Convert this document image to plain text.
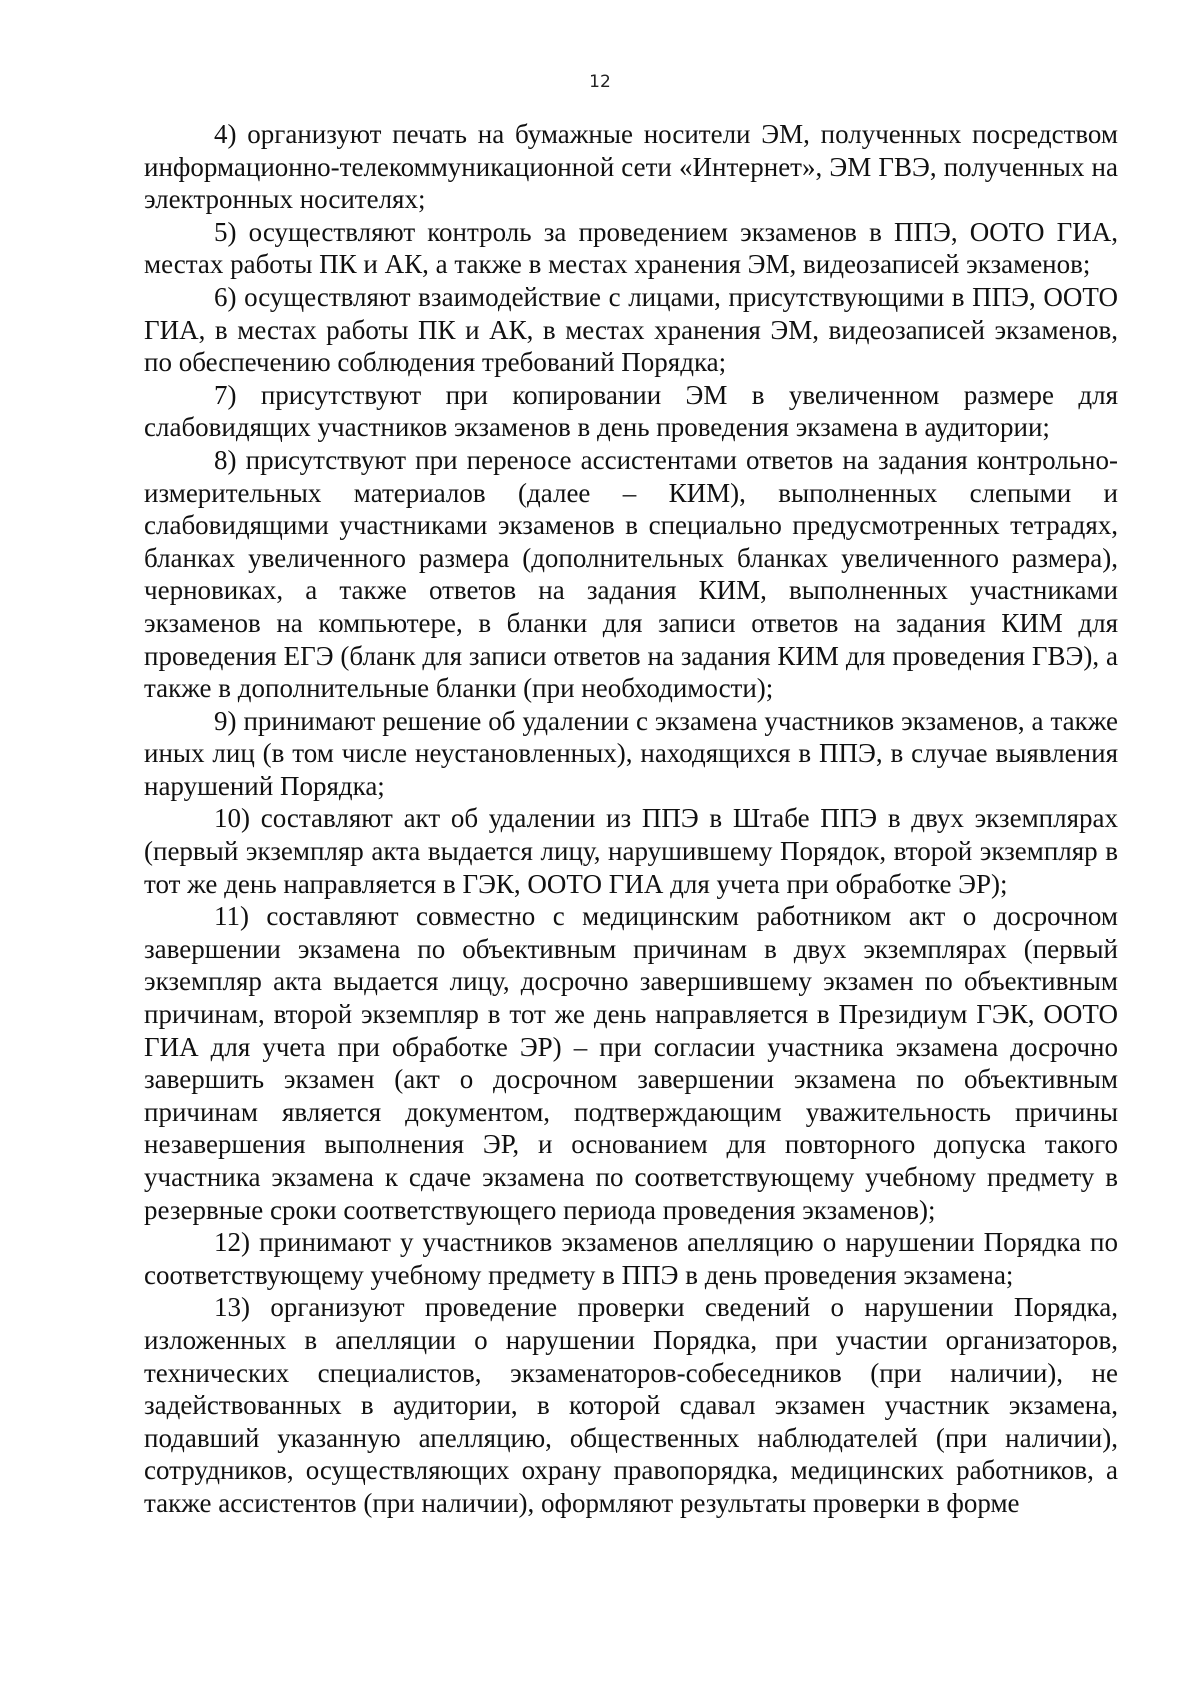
12

4) организуют печать на бумажные носители ЭМ, полученных посредством информационно-телекоммуникационной сети «Интернет», ЭМ ГВЭ, полученных на электронных носителях;

5) осуществляют контроль за проведением экзаменов в ППЭ, ООТО ГИА, местах работы ПК и АК, а также в местах хранения ЭМ, видеозаписей экзаменов;

6) осуществляют взаимодействие с лицами, присутствующими в ППЭ, ООТО ГИА, в местах работы ПК и АК, в местах хранения ЭМ, видеозаписей экзаменов, по обеспечению соблюдения требований Порядка;

7) присутствуют при копировании ЭМ в увеличенном размере для слабовидящих участников экзаменов в день проведения экзамена в аудитории;

8) присутствуют при переносе ассистентами ответов на задания контрольно-измерительных материалов (далее – КИМ), выполненных слепыми и слабовидящими участниками экзаменов в специально предусмотренных тетрадях, бланках увеличенного размера (дополнительных бланках увеличенного размера), черновиках, а также ответов на задания КИМ, выполненных участниками экзаменов на компьютере, в бланки для записи ответов на задания КИМ для проведения ЕГЭ (бланк для записи ответов на задания КИМ для проведения ГВЭ), а также в дополнительные бланки (при необходимости);

9) принимают решение об удалении с экзамена участников экзаменов, а также иных лиц (в том числе неустановленных), находящихся в ППЭ, в случае выявления нарушений Порядка;

10) составляют акт об удалении из ППЭ в Штабе ППЭ в двух экземплярах (первый экземпляр акта выдается лицу, нарушившему Порядок, второй экземпляр в тот же день направляется в ГЭК, ООТО ГИА для учета при обработке ЭР);

11) составляют совместно с медицинским работником акт о досрочном завершении экзамена по объективным причинам в двух экземплярах (первый экземпляр акта выдается лицу, досрочно завершившему экзамен по объективным причинам, второй экземпляр в тот же день направляется в Президиум ГЭК, ООТО ГИА для учета при обработке ЭР) – при согласии участника экзамена досрочно завершить экзамен (акт о досрочном завершении экзамена по объективным причинам является документом, подтверждающим уважительность причины незавершения выполнения ЭР, и основанием для повторного допуска такого участника экзамена к сдаче экзамена по соответствующему учебному предмету в резервные сроки соответствующего периода проведения экзаменов);

12) принимают у участников экзаменов апелляцию о нарушении Порядка по соответствующему учебному предмету в ППЭ в день проведения экзамена;

13) организуют проведение проверки сведений о нарушении Порядка, изложенных в апелляции о нарушении Порядка, при участии организаторов, технических специалистов, экзаменаторов-собеседников (при наличии), не задействованных в аудитории, в которой сдавал экзамен участник экзамена, подавший указанную апелляцию, общественных наблюдателей (при наличии), сотрудников, осуществляющих охрану правопорядка, медицинских работников, а также ассистентов (при наличии), оформляют результаты проверки в форме
